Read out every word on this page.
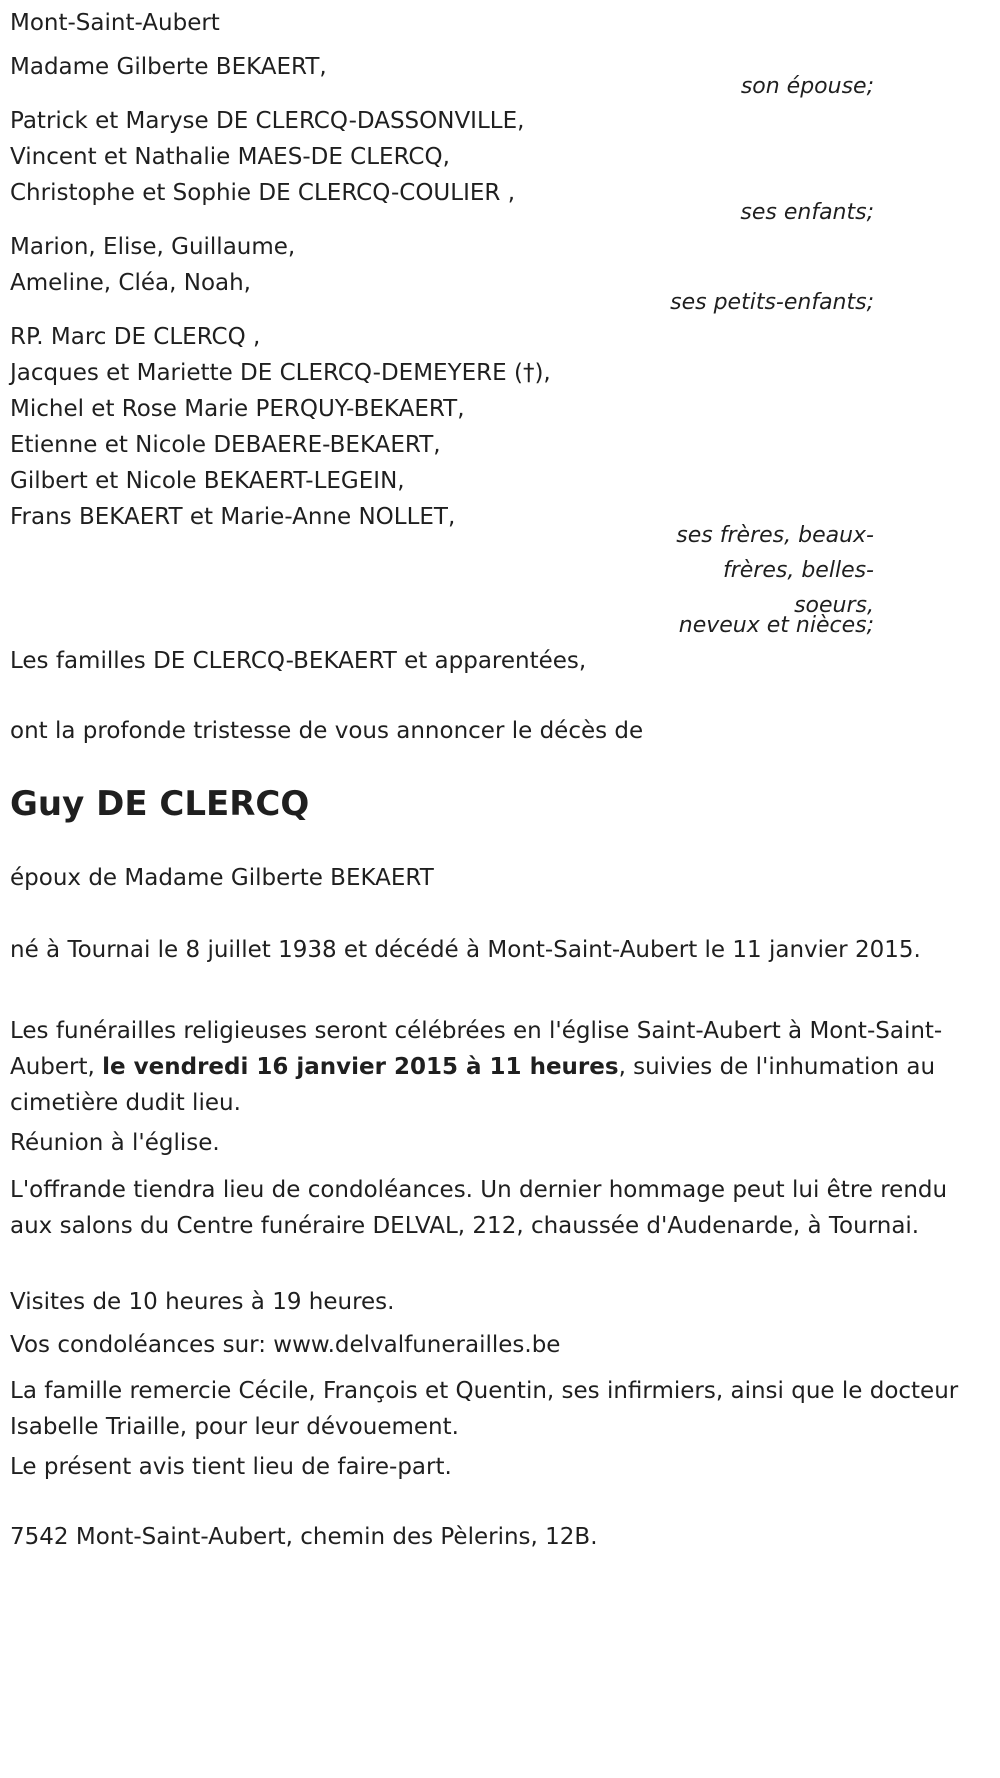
Mont-Saint-Aubert
Madame Gilberte BEKAERT,
son épouse;
Patrick et Maryse DE CLERCQ-DASSONVILLE,
Vincent et Nathalie MAES-DE CLERCQ,
Christophe et Sophie DE CLERCQ-COULIER ,
ses enfants;
Marion, Elise, Guillaume,
Ameline, Cléa, Noah,
ses petits-enfants;
RP. Marc DE CLERCQ ,
Jacques et Mariette DE CLERCQ-DEMEYERE (†),
Michel et Rose Marie PERQUY-BEKAERT,
Etienne et Nicole DEBAERE-BEKAERT,
Gilbert et Nicole BEKAERT-LEGEIN,
Frans BEKAERT et Marie-Anne NOLLET,
ses frères, beaux-
frères, belles-
soeurs,
neveux et nièces;
Les familles DE CLERCQ-BEKAERT et apparentées,
ont la profonde tristesse de vous annoncer le décès de
Guy DE CLERCQ
époux de Madame Gilberte BEKAERT
né à Tournai le 8 juillet 1938 et décédé à Mont-Saint-Aubert le 11 janvier 2015.
Les funérailles religieuses seront célébrées en l'église Saint-Aubert à Mont-Saint-Aubert, le vendredi 16 janvier 2015 à 11 heures, suivies de l'inhumation au cimetière dudit lieu.
Réunion à l'église.
L'offrande tiendra lieu de condoléances. Un dernier hommage peut lui être rendu aux salons du Centre funéraire DELVAL, 212, chaussée d'Audenarde, à Tournai.
Visites de 10 heures à 19 heures.
Vos condoléances sur: www.delvalfunerailles.be
La famille remercie Cécile, François et Quentin, ses infirmiers, ainsi que le docteur Isabelle Triaille, pour leur dévouement.
Le présent avis tient lieu de faire-part.
7542 Mont-Saint-Aubert, chemin des Pèlerins, 12B.
